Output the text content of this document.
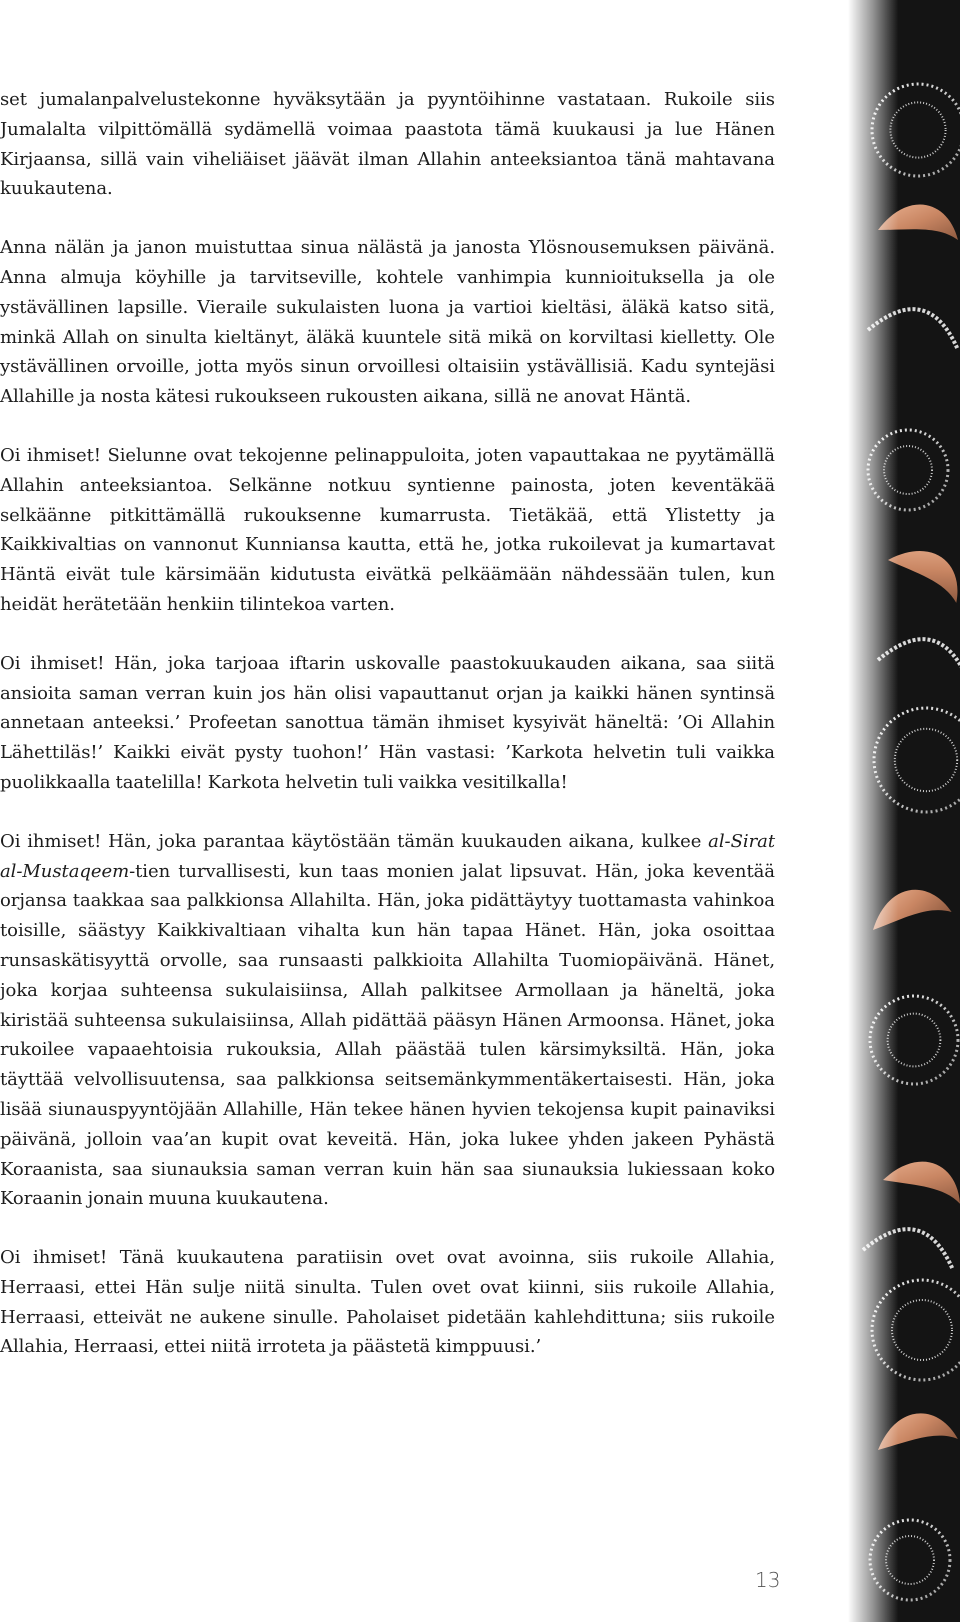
set jumalanpalvelustekonne hyväksytään ja pyyntöihinne vastataan. Rukoile siis Jumalalta vilpittömällä sydämellä voimaa paastota tämä kuukausi ja lue Hänen Kirjaansa, sillä vain viheliäiset jäävät ilman Allahin anteeksiantoa tänä mahtavana kuukautena.

Anna nälän ja janon muistuttaa sinua nälästä ja janosta Ylösnousemuksen päivänä. Anna almuja köyhille ja tarvitseville, kohtele vanhimpia kunnioituksella ja ole ystävällinen lapsille. Vieraile sukulaisten luona ja vartioi kieltäsi, äläkä katso sitä, minkä Allah on sinulta kieltänyt, äläkä kuuntele sitä mikä on korviltasi kielletty. Ole ystävällinen orvoille, jotta myös sinun orvoillesi oltaisiin ystävällisiä. Kadu syntejäsi Allahille ja nosta kätesi rukoukseen rukousten aikana, sillä ne anovat Häntä.

Oi ihmiset! Sielunne ovat tekojenne pelinappuloita, joten vapauttakaa ne pyytämällä Allahin anteeksiantoa. Selkänne notkuu syntienne painosta, joten keventäkää selkäänne pitkittämällä rukouksenne kumarrusta. Tietäkää, että Ylistetty ja Kaikkivaltias on vannonut Kunniansa kautta, että he, jotka rukoilevat ja kumartavat Häntä eivät tule kärsimään kidutusta eivätkä pelkäämään nähdessään tulen, kun heidät herätetään henkiin tilintekoa varten.

Oi ihmiset! Hän, joka tarjoaa iftarin uskovalle paastokuukauden aikana, saa siitä ansioita saman verran kuin jos hän olisi vapauttanut orjan ja kaikki hänen syntinsä annetaan anteeksi.’ Profeetan sanottua tämän ihmiset kysyivät häneltä: ’Oi Allahin Lähettiläs!’ Kaikki eivät pysty tuohon!’ Hän vastasi: ’Karkota helvetin tuli vaikka puolikkaalla taatelilla! Karkota helvetin tuli vaikka vesitilkalla!

Oi ihmiset! Hän, joka parantaa käytöstään tämän kuukauden aikana, kulkee al-Sirat al-Mustaqeem-tien turvallisesti, kun taas monien jalat lipsuvat. Hän, joka keventää orjansa taakkaa saa palkkionsa Allahilta. Hän, joka pidättäytyy tuottamasta vahinkoa toisille, säästyy Kaikkivaltiaan vihalta kun hän tapaa Hänet. Hän, joka osoittaa runsaskätisyyttä orvolle, saa runsaasti palkkioita Allahilta Tuomiopäivänä. Hänet, joka korjaa suhteensa sukulaisiinsa, Allah palkitsee Armollaan ja häneltä, joka kiristää suhteensa sukulaisiinsa, Allah pidättää pääsyn Hänen Armoonsa. Hänet, joka rukoilee vapaaehtoisia rukouksia, Allah päästää tulen kärsimyksiltä. Hän, joka täyttää velvollisuutensa, saa palkkionsa seitsemänkymmentäkertaisesti. Hän, joka lisää siunauspyyntöjään Allahille, Hän tekee hänen hyvien tekojensa kupit painaviksi päivänä, jolloin vaa’an kupit ovat keveitä. Hän, joka lukee yhden jakeen Pyhästä Koraanista, saa siunauksia saman verran kuin hän saa siunauksia lukiessaan koko Koraanin jonain muuna kuukautena.

Oi ihmiset! Tänä kuukautena paratiisin ovet ovat avoinna, siis rukoile Allahia, Herraasi, ettei Hän sulje niitä sinulta. Tulen ovet ovat kiinni, siis rukoile Allahia, Herraasi, etteivät ne aukene sinulle. Paholaiset pidetään kahlehdittuna; siis rukoile Allahia, Herraasi, ettei niitä irroteta ja päästetä kimppuusi.’

13
